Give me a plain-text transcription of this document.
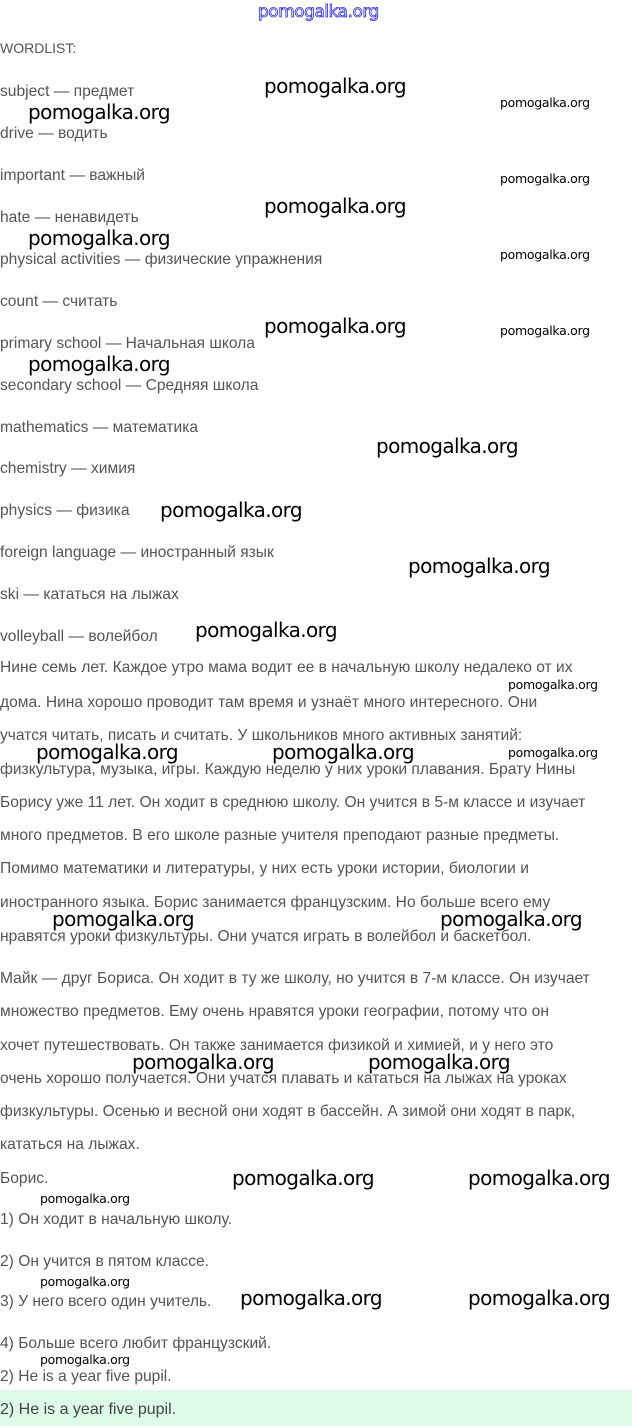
pomogalka.org
WORDLIST:
subject — предмет
drive — водить
important — важный
hate — ненавидеть
physical activities — физические упражнения
count — считать
primary school — Начальная школа
secondary school — Средняя школа
mathematics — математика
chemistry — химия
physics — физика
foreign language — иностранный язык
ski — кататься на лыжах
volleyball — волейбол
Нине семь лет. Каждое утро мама водит ее в начальную школу недалеко от их
дома. Нина хорошо проводит там время и узнаёт много интересного. Они
учатся читать, писать и считать. У школьников много активных занятий:
физкультура, музыка, игры. Каждую неделю у них уроки плавания. Брату Нины
Борису уже 11 лет. Он ходит в среднюю школу. Он учится в 5-м классе и изучает
много предметов. В его школе разные учителя преподают разные предметы.
Помимо математики и литературы, у них есть уроки истории, биологии и
иностранного языка. Борис занимается французским. Но больше всего ему
нравятся уроки физкультуры. Они учатся играть в волейбол и баскетбол.
Майк — друг Бориса. Он ходит в ту же школу, но учится в 7-м классе. Он изучает
множество предметов. Ему очень нравятся уроки географии, потому что он
хочет путешествовать. Он также занимается физикой и химией, и у него это
очень хорошо получается. Они учатся плавать и кататься на лыжах на уроках
физкультуры. Осенью и весной они ходят в бассейн. А зимой они ходят в парк,
кататься на лыжах.
Борис.
1) Он ходит в начальную школу.
2) Он учится в пятом классе.
3) У него всего один учитель.
4) Больше всего любит французский.
2) He is a year five pupil.
2) He is a year five pupil.
pomogalka.org
pomogalka.org	pomogalka.org
pomogalka.org
pomogalka.org
pomogalka.org
pomogalka.org
pomogalka.org	pomogalka.org
pomogalka.org
pomogalka.org
pomogalka.org
pomogalka.org
pomogalka.org
pomogalka.org
pomogalka.org	pomogalka.org	pomogalka.org
pomogalka.org	pomogalka.org
pomogalka.org	pomogalka.org
pomogalka.org	pomogalka.org
pomogalka.org
pomogalka.org
pomogalka.org	pomogalka.org
pomogalka.org
